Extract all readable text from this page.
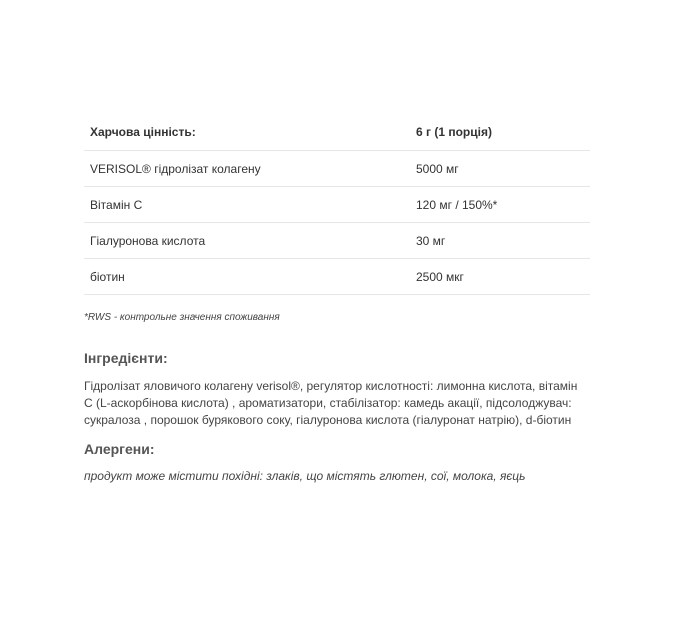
Харчова цінність:	6 г (1 порція)
VERISOL® гідролізат колагену	5000 мг
Вітамін С	120 мг / 150%*
Гіалуронова кислота	30 мг
біотин	2500 мкг
*RWS - контрольне значення споживання
Інгредієнти:
Гідролізат яловичого колагену verisol®, регулятор кислотності: лимонна кислота, вітамін С (L-аскорбінова кислота) , ароматизатори, стабілізатор: камедь акації, підсолоджувач: сукралоза , порошок бурякового соку, гіалуронова кислота (гіалуронат натрію), d-біотин
Алергени:
продукт може містити похідні: злаків, що містять глютен, сої, молока, яєць
